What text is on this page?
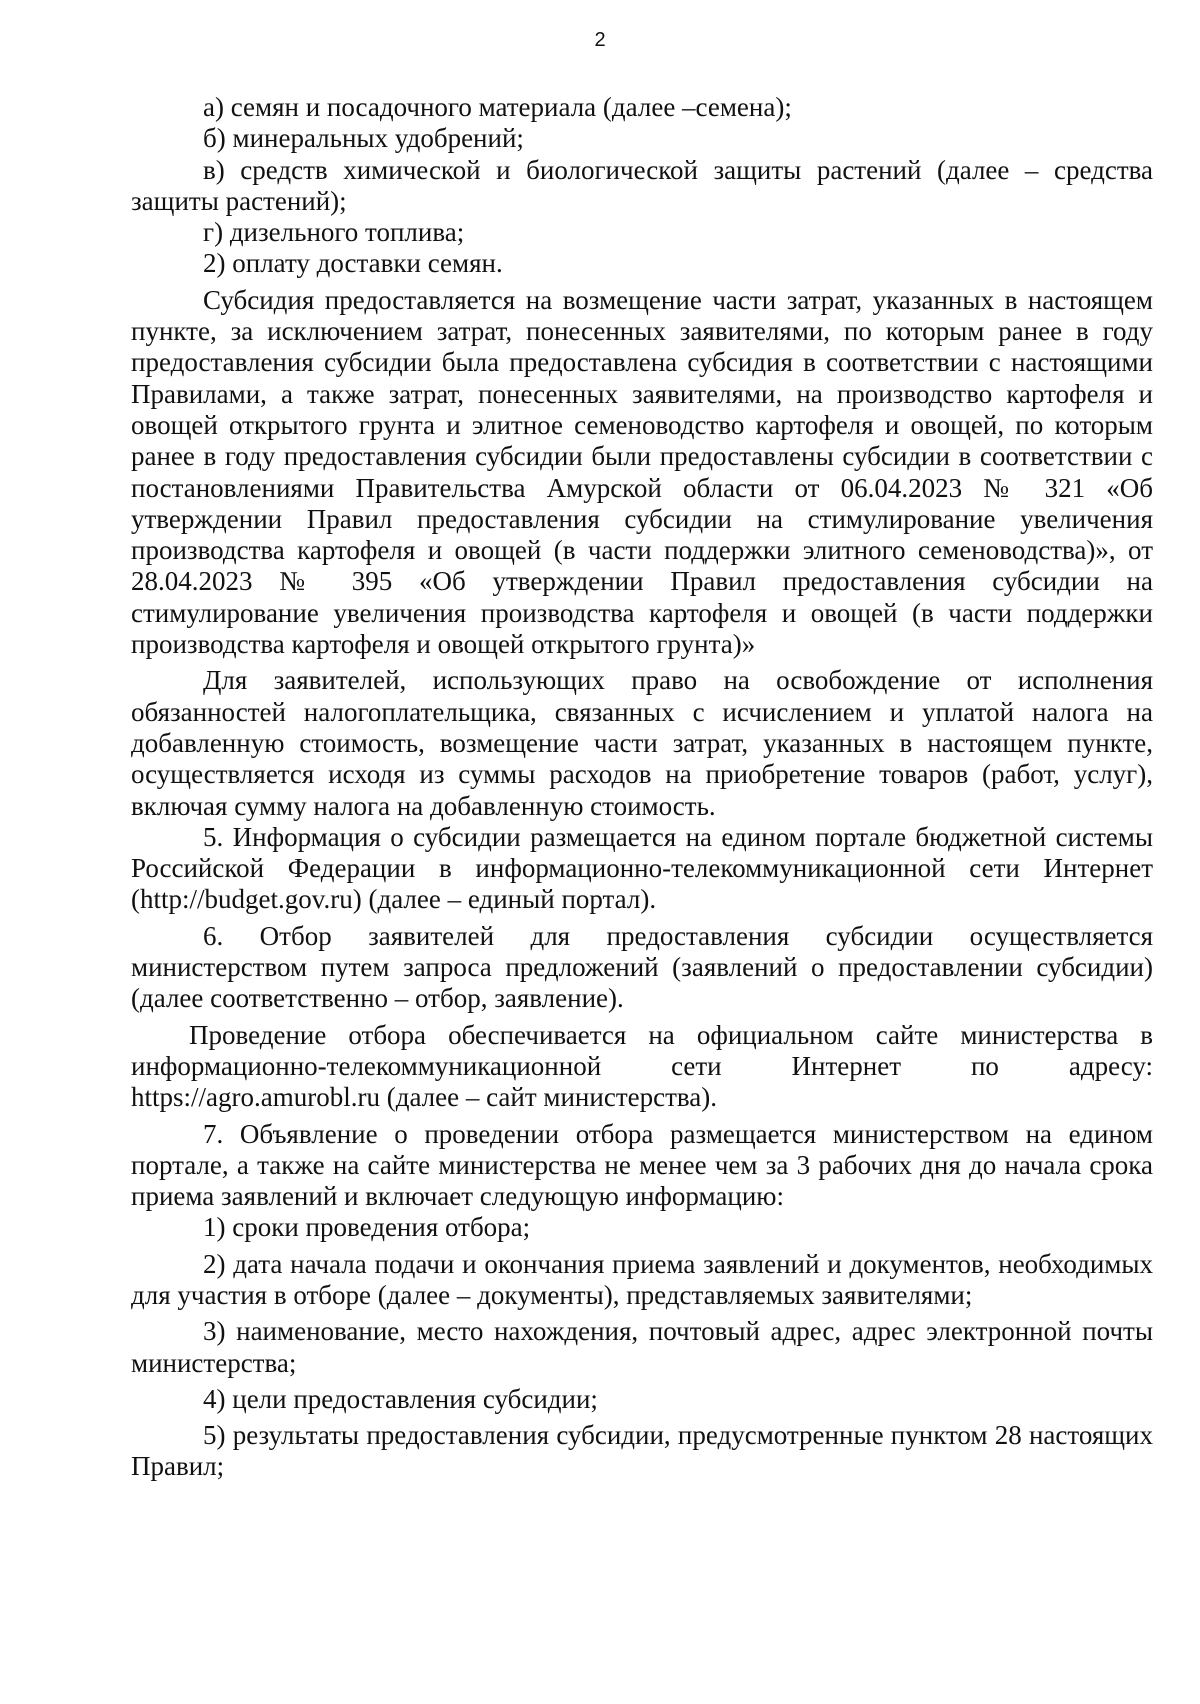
2

а) семян и посадочного материала (далее –семена);

б) минеральных удобрений;

в) средств химической и биологической защиты растений (далее – средства защиты растений);

г) дизельного топлива;

2) оплату доставки семян.

Субсидия предоставляется на возмещение части затрат, указанных в настоящем пункте, за исключением затрат, понесенных заявителями, по которым ранее в году предоставления субсидии была предоставлена субсидия в соответствии с настоящими Правилами, а также затрат, понесенных заявителями, на производство картофеля и овощей открытого грунта и элитное семеноводство картофеля и овощей, по которым ранее в году предоставления субсидии были предоставлены субсидии в соответствии с постановлениями Правительства Амурской области от 06.04.2023 № 321 «Об утверждении Правил предоставления субсидии на стимулирование увеличения производства картофеля и овощей (в части поддержки элитного семеноводства)», от 28.04.2023 № 395 «Об утверждении Правил предоставления субсидии на стимулирование увеличения производства картофеля и овощей (в части поддержки производства картофеля и овощей открытого грунта)»

Для заявителей, использующих право на освобождение от исполнения обязанностей налогоплательщика, связанных с исчислением и уплатой налога на добавленную стоимость, возмещение части затрат, указанных в настоящем пункте, осуществляется исходя из суммы расходов на приобретение товаров (работ, услуг), включая сумму налога на добавленную стоимость.

5. Информация о субсидии размещается на едином портале бюджетной системы Российской Федерации в информационно-телекоммуникационной сети Интернет (http://budget.gov.ru) (далее – единый портал).

6. Отбор заявителей для предоставления субсидии осуществляется министерством путем запроса предложений (заявлений о предоставлении субсидии) (далее соответственно – отбор, заявление).

Проведение отбора обеспечивается на официальном сайте министерства в информационно-телекоммуникационной сети Интернет по адресу: https://agro.amurobl.ru (далее – сайт министерства).

7. Объявление о проведении отбора размещается министерством на едином портале, а также на сайте министерства не менее чем за 3 рабочих дня до начала срока приема заявлений и включает следующую информацию:

1) сроки проведения отбора;

2) дата начала подачи и окончания приема заявлений и документов, необходимых для участия в отборе (далее – документы), представляемых заявителями;

3) наименование, место нахождения, почтовый адрес, адрес электронной почты министерства;

4) цели предоставления субсидии;

5) результаты предоставления субсидии, предусмотренные пунктом 28 настоящих Правил;
